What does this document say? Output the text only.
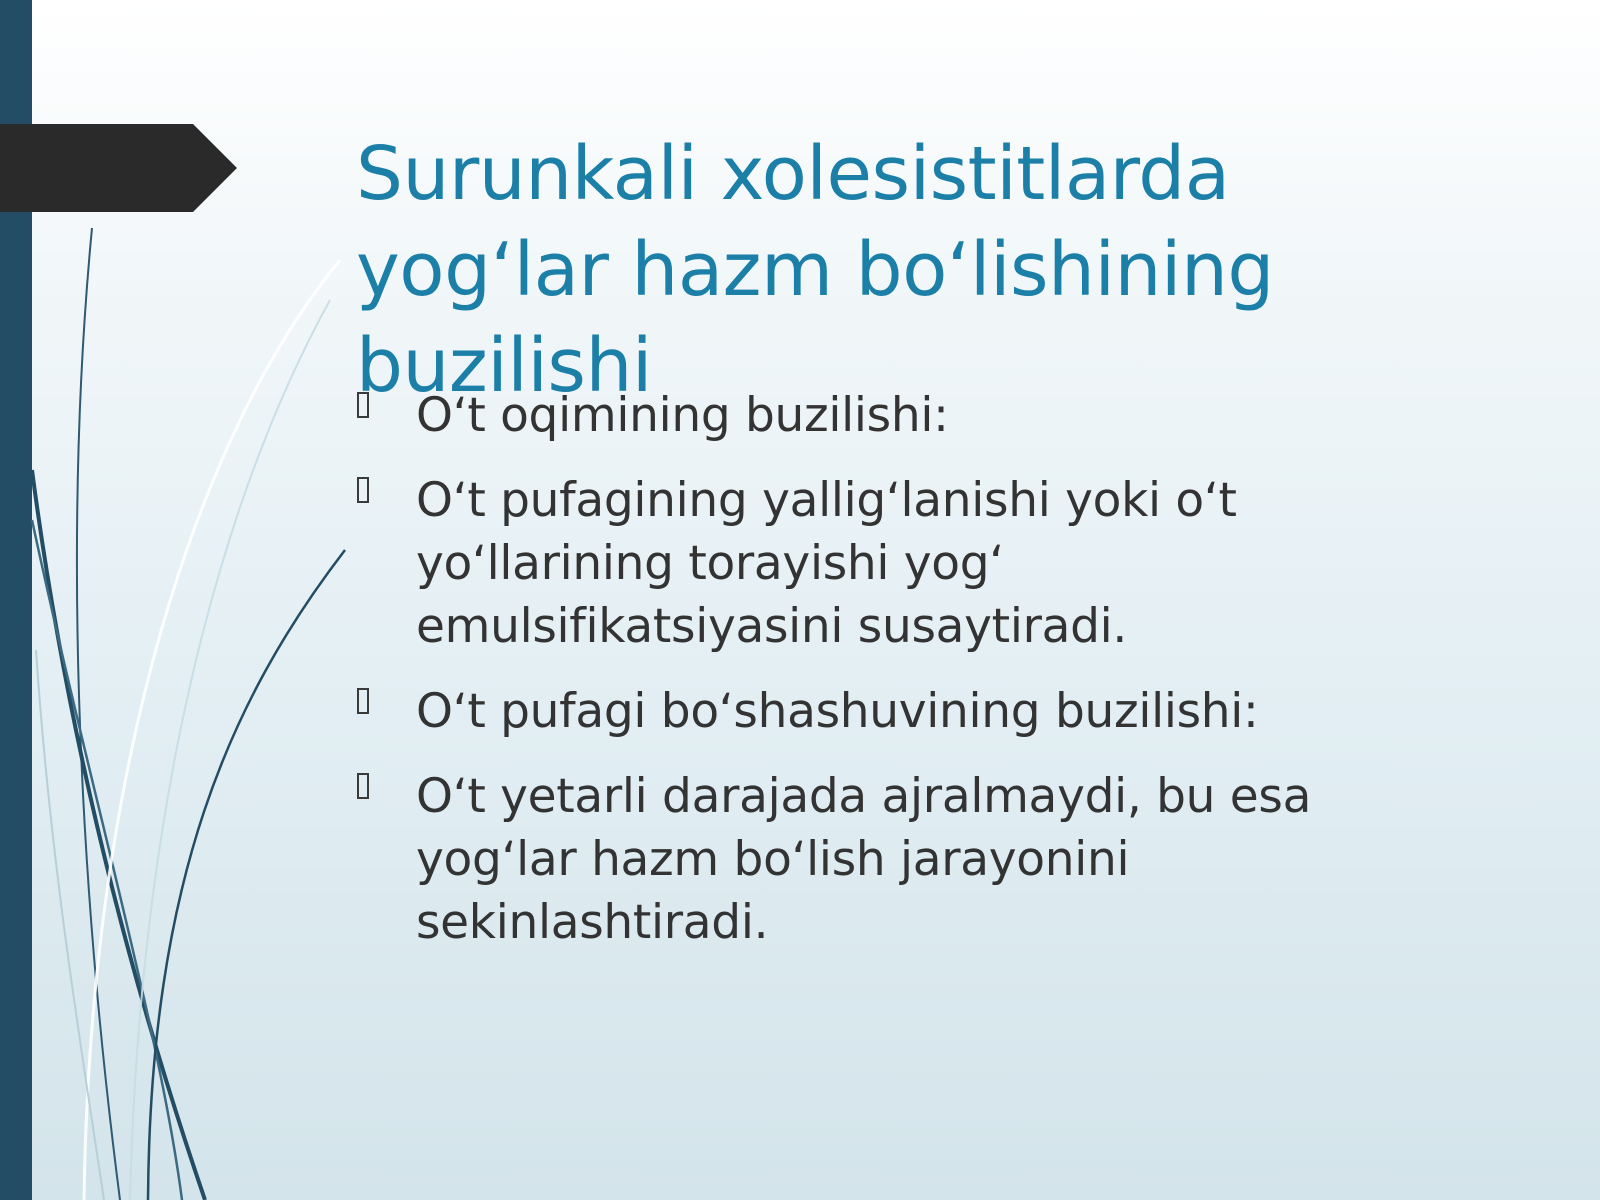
Surunkali xolesistitlarda yog‘lar hazm bo‘lishining buzilishi
O‘t oqimining buzilishi:
O‘t pufagining yallig‘lanishi yoki o‘t yo‘llarining torayishi yog‘ emulsifikatsiyasini susaytiradi.
O‘t pufagi bo‘shashuvining buzilishi:
O‘t yetarli darajada ajralmaydi, bu esa yog‘lar hazm bo‘lish jarayonini sekinlashtiradi.
